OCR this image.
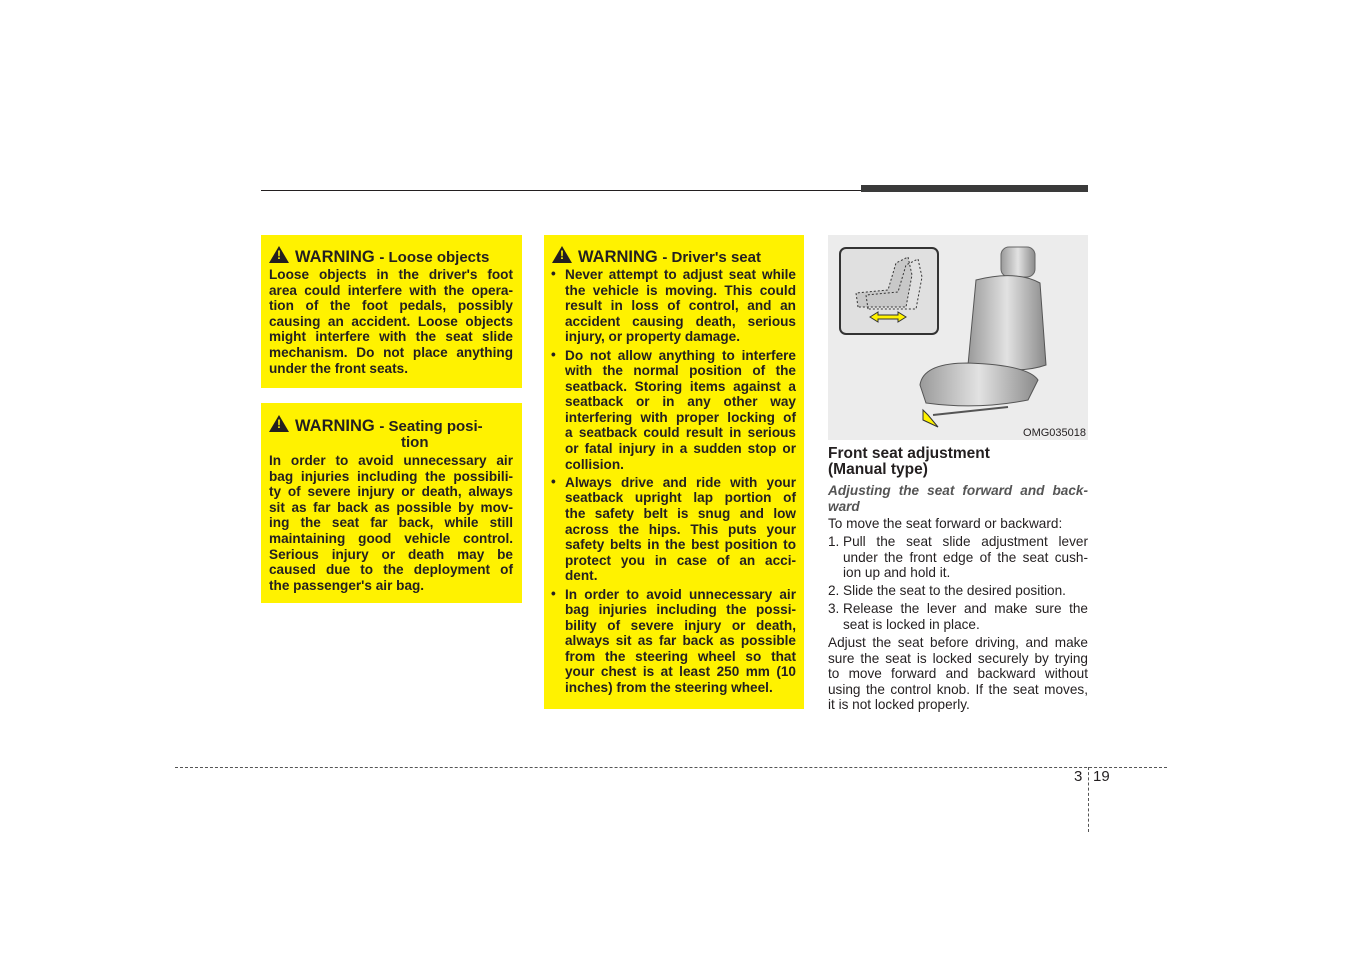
!WARNING - Loose objects
Loose objects in the driver's foot
area could interfere with the opera-
tion of the foot pedals, possibly
causing an accident. Loose objects
might interfere with the seat slide
mechanism. Do not place anything
under the front seats.
!WARNING - Seating posi-
tion
In order to avoid unnecessary air
bag injuries including the possibili-
ty of severe injury or death, always
sit as far back as possible by mov-
ing the seat far back, while still
maintaining good vehicle control.
Serious injury or death may be
caused due to the deployment of
the passenger's air bag.
!WARNING - Driver's seat
• Never attempt to adjust seat while
the vehicle is moving. This could
result in loss of control, and an
accident causing death, serious
injury, or property damage.
• Do not allow anything to interfere
with the normal position of the
seatback. Storing items against a
seatback or in any other way
interfering with proper locking of
a seatback could result in serious
or fatal injury in a sudden stop or
collision.
• Always drive and ride with your
seatback upright lap portion of
the safety belt is snug and low
across the hips. This puts your
safety belts in the best position to
protect you in case of an acci-
dent.
• In order to avoid unnecessary air
bag injuries including the possi-
bility of severe injury or death,
always sit as far back as possible
from the steering wheel so that
your chest is at least 250 mm (10
inches) from the steering wheel.
OMG035018
Front seat adjustment
(Manual type)
Adjusting the seat forward and back-
ward
To move the seat forward or backward:
1. Pull the seat slide adjustment lever
under the front edge of the seat cush-
ion up and hold it.
2. Slide the seat to the desired position.
3. Release the lever and make sure the
seat is locked in place.
Adjust the seat before driving, and make
sure the seat is locked securely by trying
to move forward and backward without
using the control knob. If the seat moves,
it is not locked properly.
3 19
